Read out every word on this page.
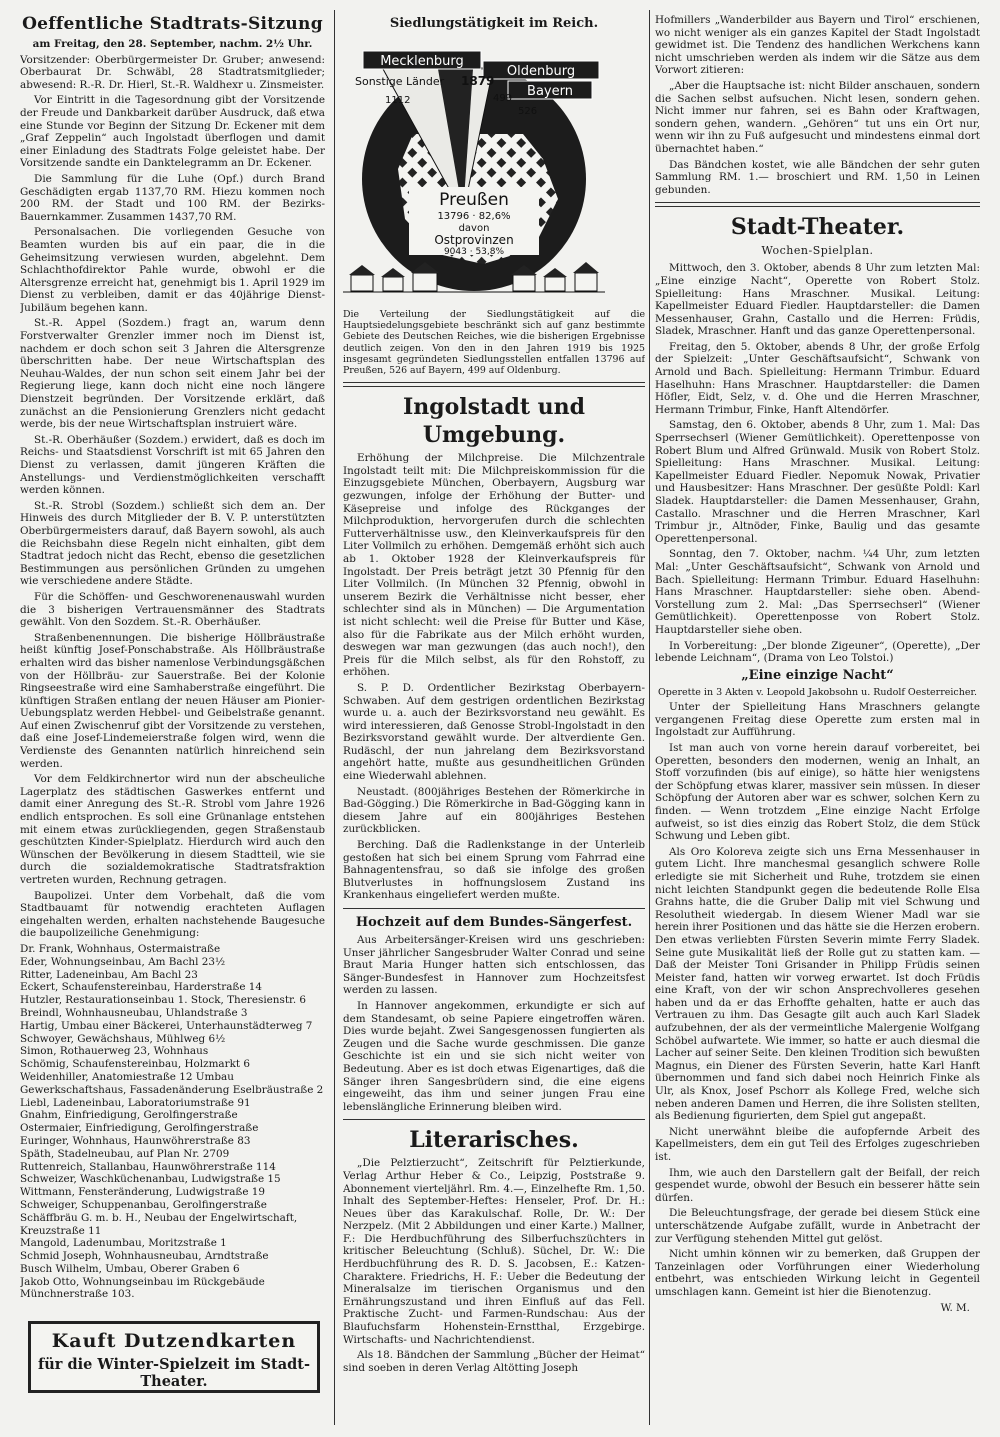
Oeffentliche Stadtrats-Sitzung

am Freitag, den 28. September, nachm. 2½ Uhr.

Vorsitzender: Oberbürgermeister Dr. Gruber; anwesend: Oberbaurat Dr. Schwäbl, 28 Stadtratsmitglieder; abwesend: R.-R. Dr. Hierl, St.-R. Waldhexr u. Zinsmeister.

Vor Eintritt in die Tagesordnung gibt der Vorsitzende der Freude und Dankbarkeit darüber Ausdruck, daß etwa eine Stunde vor Beginn der Sitzung Dr. Eckener mit dem „Graf Zeppelin“ auch Ingolstadt überflogen und damit einer Einladung des Stadtrats Folge geleistet habe. Der Vorsitzende sandte ein Danktelegramm an Dr. Eckener.

Die Sammlung für die Luhe (Opf.) durch Brand Geschädigten ergab 1137,70 RM. Hiezu kommen noch 200 RM. der Stadt und 100 RM. der Bezirks-Bauernkammer. Zusammen 1437,70 RM.

Personalsachen. Die vorliegenden Gesuche von Beamten wurden bis auf ein paar, die in die Geheimsitzung verwiesen wurden, abgelehnt. Dem Schlachthofdirektor Pahle wurde, obwohl er die Altersgrenze erreicht hat, genehmigt bis 1. April 1929 im Dienst zu verbleiben, damit er das 40jährige Dienst-Jubiläum begehen kann.

St.-R. Appel (Sozdem.) fragt an, warum denn Forstverwalter Grenzler immer noch im Dienst ist, nachdem er doch schon seit 3 Jahren die Altersgrenze überschritten habe. Der neue Wirtschaftsplan des Neuhau-Waldes, der nun schon seit einem Jahr bei der Regierung liege, kann doch nicht eine noch längere Dienstzeit begründen. Der Vorsitzende erklärt, daß zunächst an die Pensionierung Grenzlers nicht gedacht werde, bis der neue Wirtschaftsplan instruiert wäre.

St.-R. Oberhäußer (Sozdem.) erwidert, daß es doch im Reichs- und Staatsdienst Vorschrift ist mit 65 Jahren den Dienst zu verlassen, damit jüngeren Kräften die Anstellungs- und Verdienstmöglichkeiten verschafft werden können.

St.-R. Strobl (Sozdem.) schließt sich dem an. Der Hinweis des durch Mitglieder der B. V. P. unterstützten Oberbürgermeisters darauf, daß Bayern sowohl, als auch die Reichsbahn diese Regeln nicht einhalten, gibt dem Stadtrat jedoch nicht das Recht, ebenso die gesetzlichen Bestimmungen aus persönlichen Gründen zu umgehen wie verschiedene andere Städte.

Für die Schöffen- und Geschworenenauswahl wurden die 3 bisherigen Vertrauensmänner des Stadtrats gewählt. Von den Sozdem. St.-R. Oberhäußer.

Straßenbenennungen. Die bisherige Höllbräustraße heißt künftig Josef-Ponschabstraße. Als Höllbräustraße erhalten wird das bisher namenlose Verbindungsgäßchen von der Höllbräu- zur Sauerstraße. Bei der Kolonie Ringseestraße wird eine Samhaberstraße eingeführt. Die künftigen Straßen entlang der neuen Häuser am Pionier-Uebungsplatz werden Hebbel- und Geibelstraße genannt. Auf einen Zwischenruf gibt der Vorsitzende zu verstehen, daß eine Josef-Lindemeierstraße folgen wird, wenn die Verdienste des Genannten natürlich hinreichend sein werden.

Vor dem Feldkirchnertor wird nun der abscheuliche Lagerplatz des städtischen Gaswerkes entfernt und damit einer Anregung des St.-R. Strobl vom Jahre 1926 endlich entsprochen. Es soll eine Grünanlage entstehen mit einem etwas zurückliegenden, gegen Straßenstaub geschützten Kinder-Spielplatz. Hierdurch wird auch den Wünschen der Bevölkerung in diesem Stadtteil, wie sie durch die sozialdemokratische Stadtratsfraktion vertreten wurden, Rechnung getragen.

Baupolizei. Unter dem Vorbehalt, daß die vom Stadtbauamt für notwendig erachteten Auflagen eingehalten werden, erhalten nachstehende Baugesuche die baupolizeiliche Genehmigung:

Dr. Frank, Wohnhaus, Ostermaistraße

Eder, Wohnungseinbau, Am Bachl 23½

Ritter, Ladeneinbau, Am Bachl 23

Eckert, Schaufenstereinbau, Harderstraße 14

Hutzler, Restaurationseinbau 1. Stock, Theresienstr. 6

Breindl, Wohnhausneubau, Uhlandstraße 3

Hartig, Umbau einer Bäckerei, Unterhaunstädterweg 7

Schwoyer, Gewächshaus, Mühlweg 6½

Simon, Rothauerweg 23, Wohnhaus

Schömig, Schaufenstereinbau, Holzmarkt 6

Weidenhiller, Anatomiestraße 12 Umbau

Gewerkschaftshaus, Fassadenänderung Eselbräustraße 2

Liebl, Ladeneinbau, Laboratoriumstraße 91

Gnahm, Einfriedigung, Gerolfingerstraße

Ostermaier, Einfriedigung, Gerolfingerstraße

Euringer, Wohnhaus, Haunwöhrerstraße 83

Späth, Stadelneubau, auf Plan Nr. 2709

Ruttenreich, Stallanbau, Haunwöhrerstraße 114

Schweizer, Waschküchenanbau, Ludwigstraße 15

Wittmann, Fensteränderung, Ludwigstraße 19

Schweiger, Schuppenanbau, Gerolfingerstraße

Schäffbräu G. m. b. H., Neubau der Engelwirtschaft, Kreuzstraße 11

Mangold, Ladenumbau, Moritzstraße 1

Schmid Joseph, Wohnhausneubau, Arndtstraße

Busch Wilhelm, Umbau, Oberer Graben 6

Jakob Otto, Wohnungseinbau im Rückgebäude Münchnerstraße 103.

Kauft Dutzendkarten
für die Winter-Spielzeit im Stadt-Theater.
Siedlungstätigkeit im Reich.
Mecklenburg
Oldenburg
Sonstige Länder 1879
Bayern
1112	499
526
Preußen
13796 · 82,6%
davon
Ostprovinzen
9043 · 53,8%

Die Verteilung der Siedlungstätigkeit auf die Hauptsiedelungsgebiete beschränkt sich auf ganz bestimmte Gebiete des Deutschen Reiches, wie die bisherigen Ergebnisse deutlich zeigen. Von den in den Jahren 1919 bis 1925 insgesamt gegründeten Siedlungsstellen entfallen 13796 auf Preußen, 526 auf Bayern, 499 auf Oldenburg.

Ingolstadt und Umgebung.

Erhöhung der Milchpreise. Die Milchzentrale Ingolstadt teilt mit: Die Milchpreiskommission für die Einzugsgebiete München, Oberbayern, Augsburg war gezwungen, infolge der Erhöhung der Butter- und Käsepreise und infolge des Rückganges der Milchproduktion, hervorgerufen durch die schlechten Futterverhältnisse usw., den Kleinverkaufspreis für den Liter Vollmilch zu erhöhen. Demgemäß erhöht sich auch ab 1. Oktober 1928 der Kleinverkaufspreis für Ingolstadt. Der Preis beträgt jetzt 30 Pfennig für den Liter Vollmilch. (In München 32 Pfennig, obwohl in unserem Bezirk die Verhältnisse nicht besser, eher schlechter sind als in München) — Die Argumentation ist nicht schlecht: weil die Preise für Butter und Käse, also für die Fabrikate aus der Milch erhöht wurden, deswegen war man gezwungen (das auch noch!), den Preis für die Milch selbst, als für den Rohstoff, zu erhöhen.

S. P. D. Ordentlicher Bezirkstag Oberbayern-Schwaben. Auf dem gestrigen ordentlichen Bezirkstag wurde u. a. auch der Bezirksvorstand neu gewählt. Es wird interessieren, daß Genosse Strobl-Ingolstadt in den Bezirksvorstand gewählt wurde. Der altverdiente Gen. Rudäschl, der nun jahrelang dem Bezirksvorstand angehört hatte, mußte aus gesundheitlichen Gründen eine Wiederwahl ablehnen.

Neustadt. (800jähriges Bestehen der Römerkirche in Bad-Gögging.) Die Römerkirche in Bad-Gögging kann in diesem Jahre auf ein 800jähriges Bestehen zurückblicken.

Berching. Daß die Radlenkstange in der Unterleib gestoßen hat sich bei einem Sprung vom Fahrrad eine Bahnagentensfrau, so daß sie infolge des großen Blutverlustes in hoffnungslosem Zustand ins Krankenhaus eingeliefert werden mußte.

Hochzeit auf dem Bundes-Sängerfest.

Aus Arbeitersänger-Kreisen wird uns geschrieben: Unser jährlicher Sangesbruder Walter Conrad und seine Braut Maria Hunger hatten sich entschlossen, das Sänger-Bundesfest in Hannover zum Hochzeitsfest werden zu lassen.

In Hannover angekommen, erkundigte er sich auf dem Standesamt, ob seine Papiere eingetroffen wären. Dies wurde bejaht. Zwei Sangesgenossen fungierten als Zeugen und die Sache wurde geschmissen. Die ganze Geschichte ist ein und sie sich nicht weiter von Bedeutung. Aber es ist doch etwas Eigenartiges, daß die Sänger ihren Sangesbrüdern sind, die eine eigens eingeweiht, das ihm und seiner jungen Frau eine lebenslängliche Erinnerung bleiben wird.

Literarisches.

„Die Pelztierzucht“, Zeitschrift für Pelztierkunde, Verlag Arthur Heber & Co., Leipzig, Poststraße 9. Abonnement vierteljährl. Rm. 4.—, Einzelhefte Rm. 1,50. Inhalt des September-Heftes: Henseler, Prof. Dr. H.: Neues über das Karakulschaf. Rolle, Dr. W.: Der Nerzpelz. (Mit 2 Abbildungen und einer Karte.) Mallner, F.: Die Herdbuchführung des Silberfuchszüchters in kritischer Beleuchtung (Schluß). Süchel, Dr. W.: Die Herdbuchführung des R. D. S. Jacobsen, E.: Katzen-Charaktere. Friedrichs, H. F.: Ueber die Bedeutung der Mineralsalze im tierischen Organismus und den Ernährungszustand und ihren Einfluß auf das Fell. Praktische Zucht- und Farmen-Rundschau: Aus der Blaufuchsfarm Hohenstein-Ernstthal, Erzgebirge. Wirtschafts- und Nachrichtendienst.

Als 18. Bändchen der Sammlung „Bücher der Heimat“ sind soeben in deren Verlag Altötting Joseph

Hofmillers „Wanderbilder aus Bayern und Tirol“ erschienen, wo nicht weniger als ein ganzes Kapitel der Stadt Ingolstadt gewidmet ist. Die Tendenz des handlichen Werkchens kann nicht umschrieben werden als indem wir die Sätze aus dem Vorwort zitieren:

„Aber die Hauptsache ist: nicht Bilder anschauen, sondern die Sachen selbst aufsuchen. Nicht lesen, sondern gehen. Nicht immer nur fahren, sei es Bahn oder Kraftwagen, sondern gehen, wandern. „Gehören“ tut uns ein Ort nur, wenn wir ihn zu Fuß aufgesucht und mindestens einmal dort übernachtet haben.“

Das Bändchen kostet, wie alle Bändchen der sehr guten Sammlung RM. 1.— broschiert und RM. 1,50 in Leinen gebunden.

Stadt-Theater.
Wochen-Spielplan.

Mittwoch, den 3. Oktober, abends 8 Uhr zum letzten Mal: „Eine einzige Nacht“, Operette von Robert Stolz. Spielleitung: Hans Mraschner. Musikal. Leitung: Kapellmeister Eduard Fiedler. Hauptdarsteller: die Damen Messenhauser, Grahn, Castallo und die Herren: Früdis, Sladek, Mraschner. Hanft und das ganze Operettenpersonal.

Freitag, den 5. Oktober, abends 8 Uhr, der große Erfolg der Spielzeit: „Unter Geschäftsaufsicht“, Schwank von Arnold und Bach. Spielleitung: Hermann Trimbur. Eduard Haselhuhn: Hans Mraschner. Hauptdarsteller: die Damen Höfler, Eidt, Selz, v. d. Ohe und die Herren Mraschner, Hermann Trimbur, Finke, Hanft Altendörfer.

Samstag, den 6. Oktober, abends 8 Uhr, zum 1. Mal: Das Sperrsechserl (Wiener Gemütlichkeit). Operettenposse von Robert Blum und Alfred Grünwald. Musik von Robert Stolz. Spielleitung: Hans Mraschner. Musikal. Leitung: Kapellmeister Eduard Fiedler. Nepomuk Nowak, Privatier und Hausbesitzer: Hans Mraschner. Der gesüßte Poldl: Karl Sladek. Hauptdarsteller: die Damen Messenhauser, Grahn, Castallo. Mraschner und die Herren Mraschner, Karl Trimbur jr., Altnöder, Finke, Baulig und das gesamte Operettenpersonal.

Sonntag, den 7. Oktober, nachm. ¼4 Uhr, zum letzten Mal: „Unter Geschäftsaufsicht“, Schwank von Arnold und Bach. Spielleitung: Hermann Trimbur. Eduard Haselhuhn: Hans Mraschner. Hauptdarsteller: siehe oben. Abend-Vorstellung zum 2. Mal: „Das Sperrsechserl“ (Wiener Gemütlichkeit). Operettenposse von Robert Stolz. Hauptdarsteller siehe oben.

In Vorbereitung: „Der blonde Zigeuner“, (Operette), „Der lebende Leichnam“, (Drama von Leo Tolstoi.)

„Eine einzige Nacht“

Operette in 3 Akten v. Leopold Jakobsohn u. Rudolf Oesterreicher.

Unter der Spielleitung Hans Mraschners gelangte vergangenen Freitag diese Operette zum ersten mal in Ingolstadt zur Aufführung.

Ist man auch von vorne herein darauf vorbereitet, bei Operetten, besonders den modernen, wenig an Inhalt, an Stoff vorzufinden (bis auf einige), so hätte hier wenigstens der Schöpfung etwas klarer, massiver sein müssen. In dieser Schöpfung der Autoren aber war es schwer, solchen Kern zu finden. — Wenn trotzdem „Eine einzige Nacht Erfolge aufweist, so ist dies einzig das Robert Stolz, die dem Stück Schwung und Leben gibt.

Als Oro Koloreva zeigte sich uns Erna Messenhauser in gutem Licht. Ihre manchesmal gesanglich schwere Rolle erledigte sie mit Sicherheit und Ruhe, trotzdem sie einen nicht leichten Standpunkt gegen die bedeutende Rolle Elsa Grahns hatte, die die Gruber Dalip mit viel Schwung und Resolutheit wiedergab. In diesem Wiener Madl war sie herein ihrer Positionen und das hätte sie die Herzen erobern. Den etwas verliebten Fürsten Severin mimte Ferry Sladek. Seine gute Musikalität ließ der Rolle gut zu statten kam. — Daß der Meister Toni Grisander in Philipp Früdis seinen Meister fand, hatten wir vorweg erwartet. Ist doch Früdis eine Kraft, von der wir schon Ansprechvolleres gesehen haben und da er das Erhoffte gehalten, hatte er auch das Vertrauen zu ihm. Das Gesagte gilt auch auch Karl Sladek aufzubehnen, der als der vermeintliche Malergenie Wolfgang Schöbel aufwartete. Wie immer, so hatte er auch diesmal die Lacher auf seiner Seite. Den kleinen Trodition sich bewußten Magnus, ein Diener des Fürsten Severin, hatte Karl Hanft übernommen und fand sich dabei noch Heinrich Finke als Ulr, als Knox, Josef Pschorr als Kollege Fred, welche sich neben anderen Damen und Herren, die ihre Solisten stellten, als Bedienung figurierten, dem Spiel gut angepaßt.

Nicht unerwähnt bleibe die aufopfernde Arbeit des Kapellmeisters, dem ein gut Teil des Erfolges zugeschrieben ist.

Ihm, wie auch den Darstellern galt der Beifall, der reich gespendet wurde, obwohl der Besuch ein besserer hätte sein dürfen.

Die Beleuchtungsfrage, der gerade bei diesem Stück eine unterschätzende Aufgabe zufällt, wurde in Anbetracht der zur Verfügung stehenden Mittel gut gelöst.

Nicht umhin können wir zu bemerken, daß Gruppen der Tanzeinlagen oder Vorführungen einer Wiederholung entbehrt, was entschieden Wirkung leicht in Gegenteil umschlagen kann. Gemeint ist hier die Bienotenzug.

W. M.
